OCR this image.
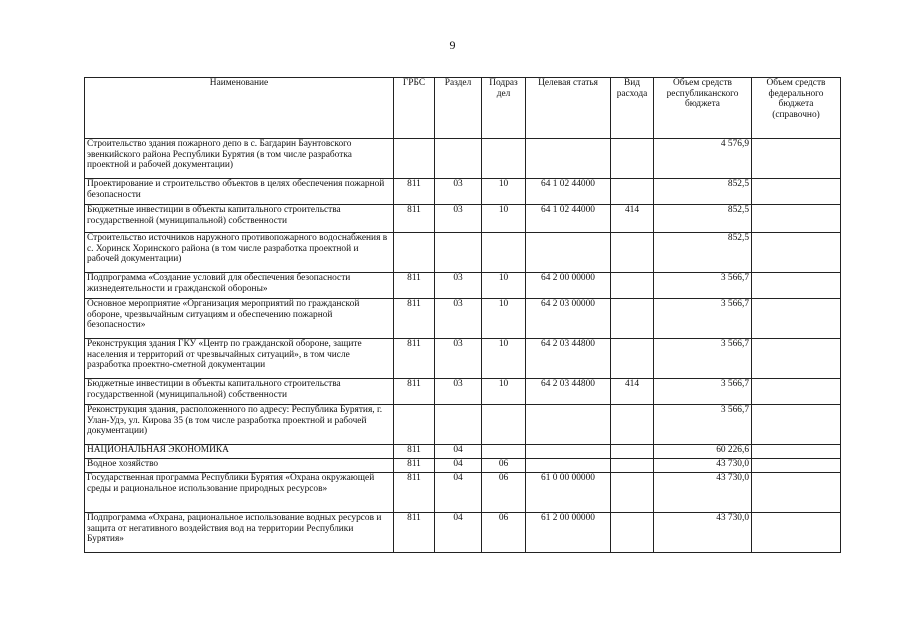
9
Наименование	ГРБС	Раздел	Подраз дел	Целевая статья	Вид расхода	Объем средств республиканского бюджета	Объем средств федерального бюджета (справочно)
Строительство здания пожарного депо в с. Багдарин Баунтовского эвенкийского района Республики Бурятия (в том числе разработка проектной и рабочей документации)						4 576,9	
Проектирование и строительство объектов в целях обеспечения пожарной безопасности	811	03	10	64 1 02 44000		852,5	
Бюджетные инвестиции в объекты капитального строительства государственной (муниципальной) собственности	811	03	10	64 1 02 44000	414	852,5	
Строительство источников наружного противопожарного водоснабжения в с. Хоринск Хоринского района (в том числе разработка проектной и рабочей документации)						852,5	
Подпрограмма «Создание условий для обеспечения безопасности жизнедеятельности и гражданской обороны»	811	03	10	64 2 00 00000		3 566,7	
Основное мероприятие «Организация мероприятий по гражданской обороне, чрезвычайным ситуациям и обеспечению пожарной безопасности»	811	03	10	64 2 03 00000		3 566,7	
Реконструкция здания ГКУ «Центр по гражданской обороне, защите населения и территорий от чрезвычайных ситуаций», в том числе разработка проектно-сметной документации	811	03	10	64 2 03 44800		3 566,7	
Бюджетные инвестиции в объекты капитального строительства государственной (муниципальной) собственности	811	03	10	64 2 03 44800	414	3 566,7	
Реконструкция здания, расположенного по адресу: Республика Бурятия, г. Улан-Удэ, ул. Кирова 35 (в том числе разработка проектной и рабочей документации)						3 566,7	
НАЦИОНАЛЬНАЯ ЭКОНОМИКА	811	04				60 226,6	
Водное хозяйство	811	04	06			43 730,0	
Государственная программа Республики Бурятия «Охрана окружающей среды и рациональное использование природных ресурсов»	811	04	06	61 0 00 00000		43 730,0	
Подпрограмма «Охрана, рациональное использование водных ресурсов и защита от негативного воздействия вод на территории Республики Бурятия»	811	04	06	61 2 00 00000		43 730,0	
